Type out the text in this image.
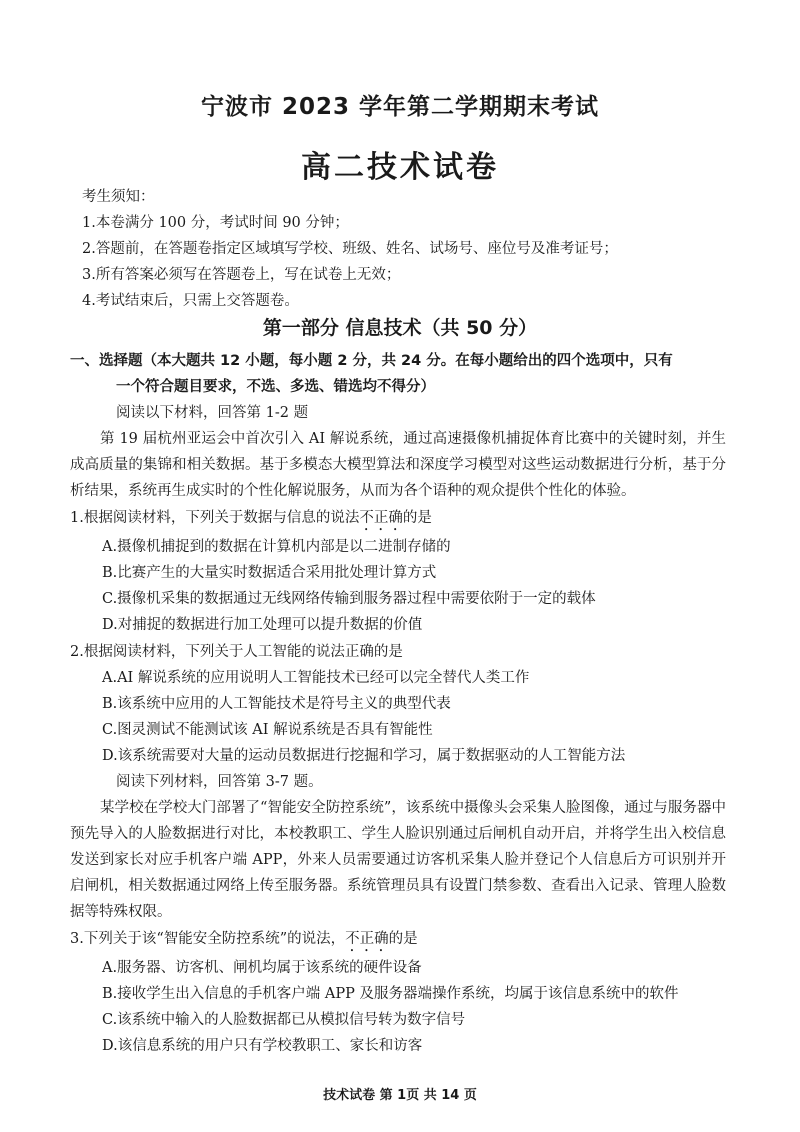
宁波市 2023 学年第二学期期末考试
高二技术试卷
考生须知：
1.本卷满分 100 分，考试时间 90 分钟；
2.答题前，在答题卷指定区域填写学校、班级、姓名、试场号、座位号及准考证号；
3.所有答案必须写在答题卷上，写在试卷上无效；
4.考试结束后，只需上交答题卷。
第一部分 信息技术（共 50 分）
一、选择题（本大题共 12 小题，每小题 2 分，共 24 分。在每小题给出的四个选项中，只有
一个符合题目要求，不选、多选、错选均不得分）
阅读以下材料，回答第 1-2 题
第 19 届杭州亚运会中首次引入 AI 解说系统，通过高速摄像机捕捉体育比赛中的关键时刻，并生成高质量的集锦和相关数据。基于多模态大模型算法和深度学习模型对这些运动数据进行分析，基于分析结果，系统再生成实时的个性化解说服务，从而为各个语种的观众提供个性化的体验。
1.根据阅读材料，下列关于数据与信息的说法不正确的是
A.摄像机捕捉到的数据在计算机内部是以二进制存储的
B.比赛产生的大量实时数据适合采用批处理计算方式
C.摄像机采集的数据通过无线网络传输到服务器过程中需要依附于一定的载体
D.对捕捉的数据进行加工处理可以提升数据的价值
2.根据阅读材料，下列关于人工智能的说法正确的是
A.AI 解说系统的应用说明人工智能技术已经可以完全替代人类工作
B.该系统中应用的人工智能技术是符号主义的典型代表
C.图灵测试不能测试该 AI 解说系统是否具有智能性
D.该系统需要对大量的运动员数据进行挖掘和学习，属于数据驱动的人工智能方法
阅读下列材料，回答第 3-7 题。
某学校在学校大门部署了“智能安全防控系统”，该系统中摄像头会采集人脸图像，通过与服务器中预先导入的人脸数据进行对比，本校教职工、学生人脸识别通过后闸机自动开启，并将学生出入校信息发送到家长对应手机客户端 APP，外来人员需要通过访客机采集人脸并登记个人信息后方可识别并开启闸机，相关数据通过网络上传至服务器。系统管理员具有设置门禁参数、查看出入记录、管理人脸数据等特殊权限。
3.下列关于该“智能安全防控系统”的说法，不正确的是
A.服务器、访客机、闸机均属于该系统的硬件设备
B.接收学生出入信息的手机客户端 APP 及服务器端操作系统，均属于该信息系统中的软件
C.该系统中输入的人脸数据都已从模拟信号转为数字信号
D.该信息系统的用户只有学校教职工、家长和访客
技术试卷 第 1页 共 14 页
